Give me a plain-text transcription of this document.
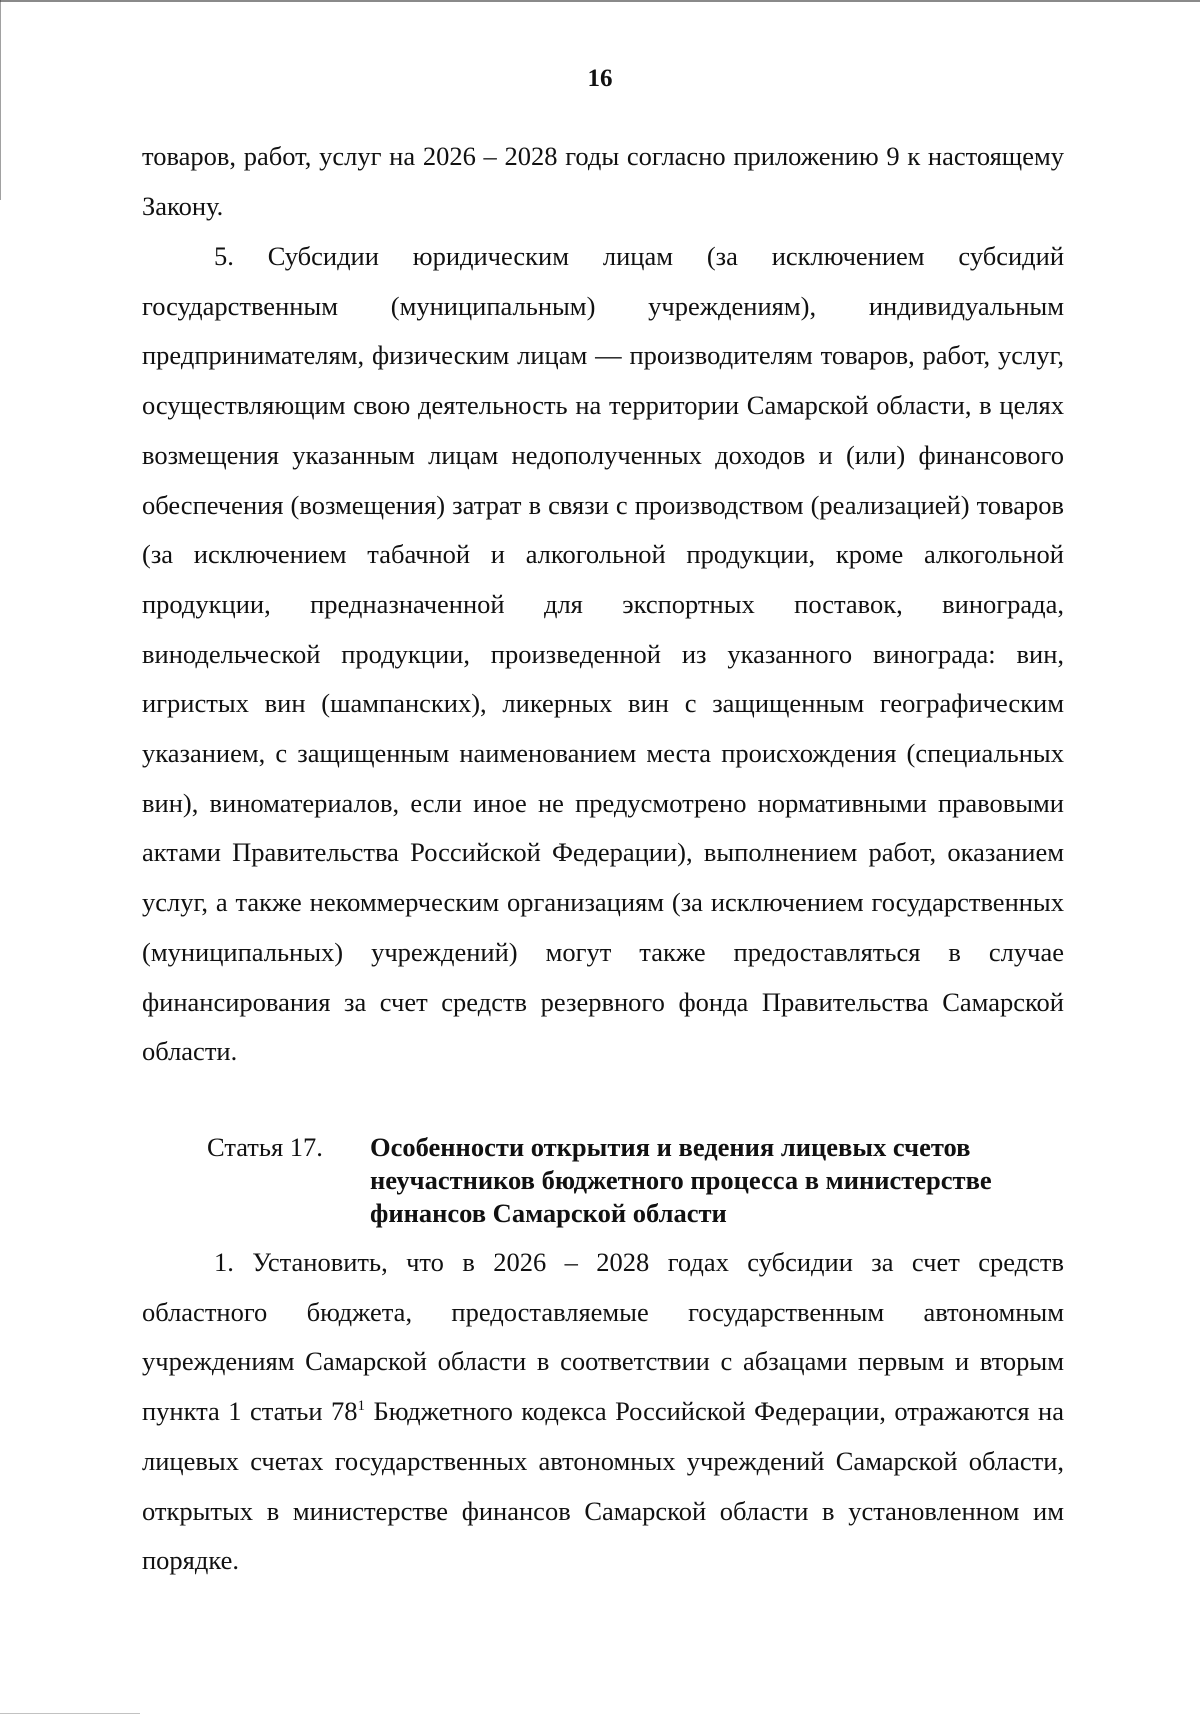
16

товаров, работ, услуг на 2026 – 2028 годы согласно приложению 9 к настоящему Закону.

5. Субсидии юридическим лицам (за исключением субсидий государственным (муниципальным) учреждениям), индивидуальным предпринимателям, физическим лицам — производителям товаров, работ, услуг, осуществляющим свою деятельность на территории Самарской области, в целях возмещения указанным лицам недополученных доходов и (или) финансового обеспечения (возмещения) затрат в связи с производством (реализацией) товаров (за исключением табачной и алкогольной продукции, кроме алкогольной продукции, предназначенной для экспортных поставок, винограда, винодельческой продукции, произведенной из указанного винограда: вин, игристых вин (шампанских), ликерных вин с защищенным географическим указанием, с защищенным наименованием места происхождения (специальных вин), виноматериалов, если иное не предусмотрено нормативными правовыми актами Правительства Российской Федерации), выполнением работ, оказанием услуг, а также некоммерческим организациям (за исключением государственных (муниципальных) учреждений) могут также предоставляться в случае финансирования за счет средств резервного фонда Правительства Самарской области.

Статья 17. Особенности открытия и ведения лицевых счетов неучастников бюджетного процесса в министерстве финансов Самарской области

1. Установить, что в 2026 – 2028 годах субсидии за счет средств областного бюджета, предоставляемые государственным автономным учреждениям Самарской области в соответствии с абзацами первым и вторым пункта 1 статьи $78^1$ Бюджетного кодекса Российской Федерации, отражаются на лицевых счетах государственных автономных учреждений Самарской области, открытых в министерстве финансов Самарской области в установленном им порядке.
